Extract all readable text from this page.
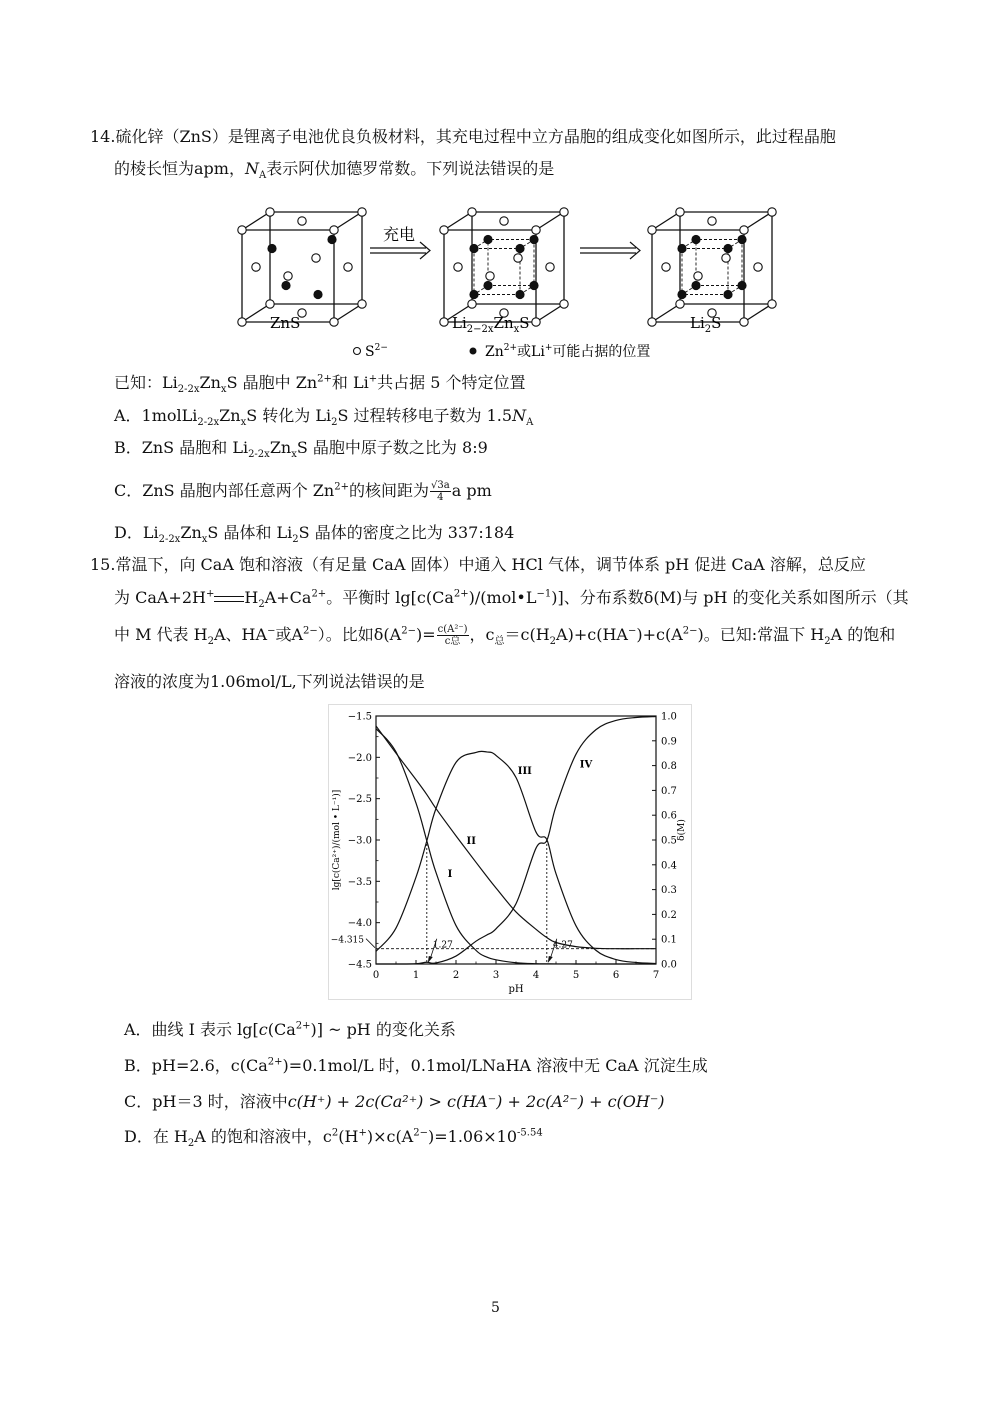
14.硫化锌（ZnS）是锂离子电池优良负极材料，其充电过程中立方晶胞的组成变化如图所示，此过程晶胞
的棱长恒为apm，$N_A$表示阿伏加德罗常数。下列说法错误的是
充电
ZnS	$Li_{2-2x}Zn_xS$	$Li_2S$
$S^{2-}$	$Zn^{2+}$或Li+可能占据的位置
已知：$Li_{2-2x}Zn_xS$ 晶胞中 $Zn^{2+}$和 Li+共占据 5 个特定位置
A．$1molLi_{2-2x}Zn_xS$ 转化为 $Li_2S$ 过程转移电子数为 $1.5N_A$
B．ZnS 晶胞和 $Li_{2-2x}Zn_xS$ 晶胞中原子数之比为 8:9
C．ZnS 晶胞内部任意两个 $Zn^{2+}$的核间距为 $\frac{√3a}{4}$ a pm
D．$Li_{2-2x}Zn_xS$ 晶体和 $Li_2S$ 晶体的密度之比为 337:184
15.常温下，向 CaA 饱和溶液（有足量 CaA 固体）中通入 HCl 气体，调节体系 pH 促进 CaA 溶解，总反应
为 CaA+2H+ $H_2A+Ca^{2+}$。平衡时 $\lg[c(Ca^{2+})/(mol•L^{-1})]$、分布系数δ(M)与 pH 的变化关系如图所示（其
中 M 代表 $H_2A$、HA−或$A^{2-}$）。比如$\delta(A^{2-})= \frac{\text{c(A²⁻)}}{\text{c总}}$ ，$c_总=c(H_2A)+c(HA^-)+c(A^{2-})$。已知:常温下 $H_2A$ 的饱和
溶液的浓度为1.06mol/L,下列说法错误的是
0	1	2	3	4	5	6	7
pH
−1.5
−2.0
−2.5
−3.0
−3.5
−4.0
−4.5
lg[c(Ca²⁺)/(mol • L⁻¹)]
1.0
0.9
0.8
0.7
0.6
0.5
0.4
0.3
0.2
0.1
0.0
δ(M)
1.27	4.27
−4.315
I
II
III
IV
A．曲线 I 表示 $\lg[c(Ca^{2+})]$ ~ pH 的变化关系
B．pH=2.6，$c(Ca^{2+})=0.1mol/L$ 时，0.1mol/LNaHA 溶液中无 CaA 沉淀生成
C．pH＝3 时，溶液中c(H⁺) + 2c(Ca²⁺) > c(HA⁻) + 2c(A²⁻) + c(OH⁻)
D．在 $H_2A$ 的饱和溶液中，$c^2(H^+)\times c(A^{2-})=1.06\times 10^{-5.54}$
5
